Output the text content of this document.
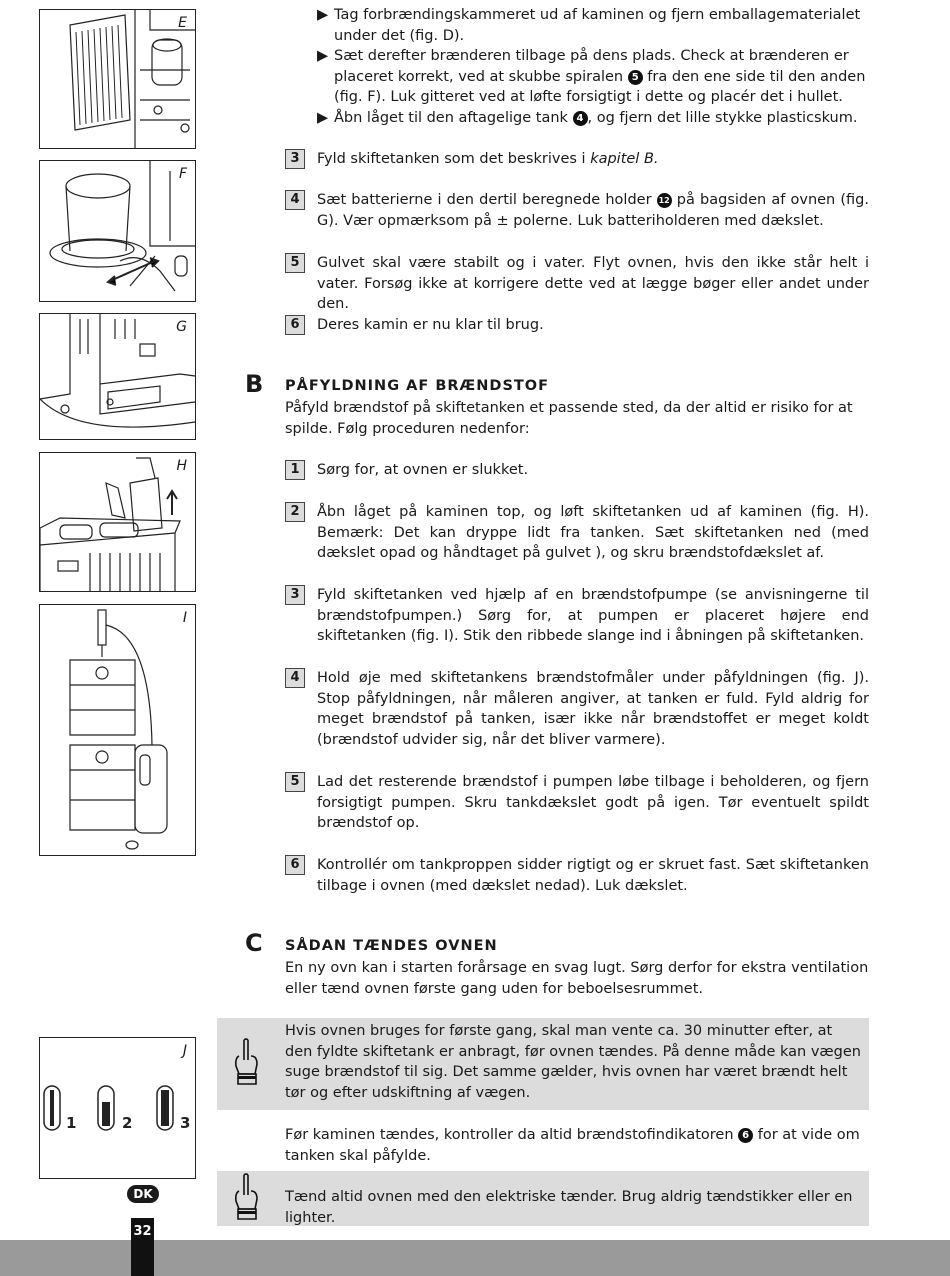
E
F
G
H
I
J
1	2	3
▶ Tag forbrændingskammeret ud af kaminen og fjern emballagematerialet under det (fig. D).
▶ Sæt derefter brænderen tilbage på dens plads. Check at brænderen er placeret korrekt, ved at skubbe spiralen 5 fra den ene side til den anden (fig. F). Luk gitteret ved at løfte forsigtigt i dette og placér det i hullet.
▶ Åbn låget til den aftagelige tank 4 , og fjern det lille stykke plasticskum.
3	Fyld skiftetanken som det beskrives i kapitel B.
4	Sæt batterierne i den dertil beregnede holder 12 på bagsiden af ovnen (fig. G). Vær opmærksom på ± polerne. Luk batteriholderen med dækslet.
5	Gulvet skal være stabilt og i vater. Flyt ovnen, hvis den ikke står helt i vater. Forsøg ikke at korrigere dette ved at lægge bøger eller andet under den.
6	Deres kamin er nu klar til brug.
B PÅFYLDNING AF BRÆNDSTOF
Påfyld brændstof på skiftetanken et passende sted, da der altid er risiko for at spilde. Følg proceduren nedenfor:
1	Sørg for, at ovnen er slukket.
2	Åbn låget på kaminen top, og løft skiftetanken ud af kaminen (fig. H). Bemærk: Det kan dryppe lidt fra tanken. Sæt skiftetanken ned (med dækslet opad og håndtaget på gulvet ), og skru brændstofdækslet af.
3	Fyld skiftetanken ved hjælp af en brændstofpumpe (se anvisningerne til brændstofpumpen.) Sørg for, at pumpen er placeret højere end skiftetanken (fig. I). Stik den ribbede slange ind i åbningen på skiftetanken.
4	Hold øje med skiftetankens brændstofmåler under påfyldningen (fig. J). Stop påfyldningen, når måleren angiver, at tanken er fuld. Fyld aldrig for meget brændstof på tanken, især ikke når brændstoffet er meget koldt (brændstof udvider sig, når det bliver varmere).
5	Lad det resterende brændstof i pumpen løbe tilbage i beholderen, og fjern forsigtigt pumpen. Skru tankdækslet godt på igen. Tør eventuelt spildt brændstof op.
6	Kontrollér om tankproppen sidder rigtigt og er skruet fast. Sæt skiftetanken tilbage i ovnen (med dækslet nedad). Luk dækslet.
C SÅDAN TÆNDES OVNEN
En ny ovn kan i starten forårsage en svag lugt. Sørg derfor for ekstra ventilation eller tænd ovnen første gang uden for beboelsesrummet.
Hvis ovnen bruges for første gang, skal man vente ca. 30 minutter efter, at den fyldte skiftetank er anbragt, før ovnen tændes. På denne måde kan vægen suge brændstof til sig. Det samme gælder, hvis ovnen har været brændt helt tør og efter udskiftning af vægen.
Før kaminen tændes, kontroller da altid brændstofindikatoren 6 for at vide om tanken skal påfylde.
Tænd altid ovnen med den elektriske tænder. Brug aldrig tændstikker eller en lighter.
DK
32
